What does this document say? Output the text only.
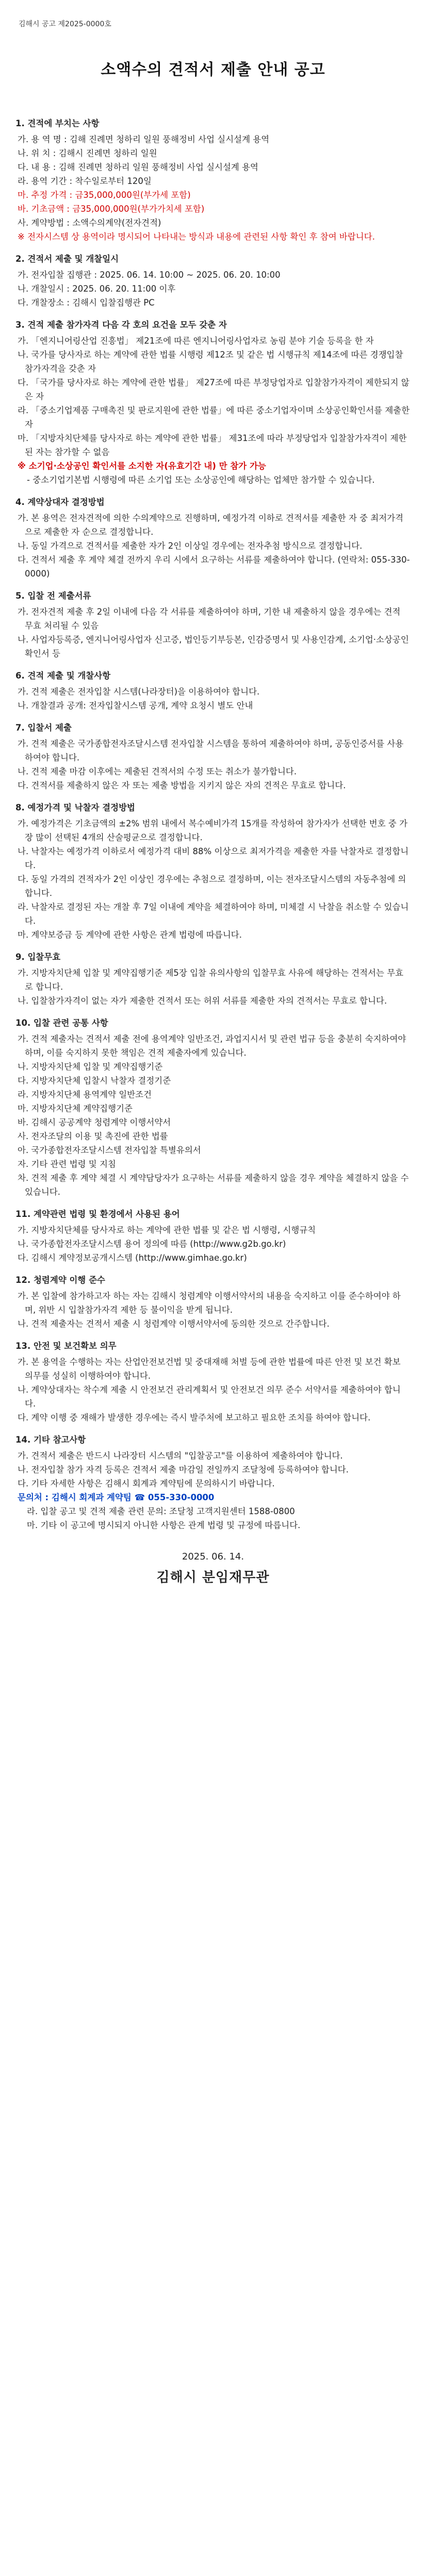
김해시 공고 제2025-0000호
소액수의 견적서 제출 안내 공고

1. 견적에 부치는 사항

가. 용 역 명 : 김해 진례면 청하리 일원 풍해정비 사업 실시설계 용역

나. 위 치 : 김해시 진례면 청하리 일원

다. 내 용 : 김해 진례면 청하리 일원 풍해정비 사업 실시설계 용역

라. 용역 기간 : 착수일로부터 120일

마. 추정 가격 : 금35,000,000원(부가세 포함)

바. 기초금액 : 금35,000,000원(부가가치세 포함)

사. 계약방법 : 소액수의계약(전자견적)

※ 전자시스템 상 용역이라 명시되어 나타내는 방식과 내용에 관련된 사항 확인 후 참여 바랍니다.

2. 견적서 제출 및 개찰일시

가. 전자입찰 집행관 : 2025. 06. 14. 10:00 ~ 2025. 06. 20. 10:00

나. 개찰일시 : 2025. 06. 20. 11:00 이후

다. 개찰장소 : 김해시 입찰집행관 PC

3. 견적 제출 참가자격 다음 각 호의 요건을 모두 갖춘 자

가. 「엔지니어링산업 진흥법」 제21조에 따른 엔지니어링사업자로 농림 분야 기술 등록을 한 자

나. 국가를 당사자로 하는 계약에 관한 법률 시행령 제12조 및 같은 법 시행규칙 제14조에 따른 경쟁입찰 참가자격을 갖춘 자

다. 「국가를 당사자로 하는 계약에 관한 법률」 제27조에 따른 부정당업자로 입찰참가자격이 제한되지 않은 자

라. 「중소기업제품 구매촉진 및 판로지원에 관한 법률」에 따른 중소기업자이며 소상공인확인서를 제출한 자

마. 「지방자치단체를 당사자로 하는 계약에 관한 법률」 제31조에 따라 부정당업자 입찰참가자격이 제한된 자는 참가할 수 없음

※ 소기업·소상공인 확인서를 소지한 자(유효기간 내) 만 참가 가능

- 중소기업기본법 시행령에 따른 소기업 또는 소상공인에 해당하는 업체만 참가할 수 있습니다.

4. 계약상대자 결정방법

가. 본 용역은 전자견적에 의한 수의계약으로 진행하며, 예정가격 이하로 견적서를 제출한 자 중 최저가격으로 제출한 자 순으로 결정합니다.

나. 동일 가격으로 견적서를 제출한 자가 2인 이상일 경우에는 전자추첨 방식으로 결정합니다.

다. 견적서 제출 후 계약 체결 전까지 우리 시에서 요구하는 서류를 제출하여야 합니다. (연락처: 055-330-0000)

5. 입찰 전 제출서류

가. 전자견적 제출 후 2일 이내에 다음 각 서류를 제출하여야 하며, 기한 내 제출하지 않을 경우에는 견적 무효 처리될 수 있음

나. 사업자등록증, 엔지니어링사업자 신고증, 법인등기부등본, 인감증명서 및 사용인감계, 소기업·소상공인 확인서 등

6. 견적 제출 및 개찰사항

가. 견적 제출은 전자입찰 시스템(나라장터)을 이용하여야 합니다.

나. 개찰결과 공개: 전자입찰시스템 공개, 계약 요청시 별도 안내

7. 입찰서 제출

가. 견적 제출은 국가종합전자조달시스템 전자입찰 시스템을 통하여 제출하여야 하며, 공동인증서를 사용하여야 합니다.

나. 견적 제출 마감 이후에는 제출된 견적서의 수정 또는 취소가 불가합니다.

다. 견적서를 제출하지 않은 자 또는 제출 방법을 지키지 않은 자의 견적은 무효로 합니다.

8. 예정가격 및 낙찰자 결정방법

가. 예정가격은 기초금액의 ±2% 범위 내에서 복수예비가격 15개를 작성하여 참가자가 선택한 번호 중 가장 많이 선택된 4개의 산술평균으로 결정합니다.

나. 낙찰자는 예정가격 이하로서 예정가격 대비 88% 이상으로 최저가격을 제출한 자를 낙찰자로 결정합니다.

다. 동일 가격의 견적자가 2인 이상인 경우에는 추첨으로 결정하며, 이는 전자조달시스템의 자동추첨에 의합니다.

라. 낙찰자로 결정된 자는 개찰 후 7일 이내에 계약을 체결하여야 하며, 미체결 시 낙찰을 취소할 수 있습니다.

마. 계약보증금 등 계약에 관한 사항은 관계 법령에 따릅니다.

9. 입찰무효

가. 지방자치단체 입찰 및 계약집행기준 제5장 입찰 유의사항의 입찰무효 사유에 해당하는 견적서는 무효로 합니다.

나. 입찰참가자격이 없는 자가 제출한 견적서 또는 허위 서류를 제출한 자의 견적서는 무효로 합니다.

10. 입찰 관련 공통 사항

가. 견적 제출자는 견적서 제출 전에 용역계약 일반조건, 과업지시서 및 관련 법규 등을 충분히 숙지하여야 하며, 이를 숙지하지 못한 책임은 견적 제출자에게 있습니다.

나. 지방자치단체 입찰 및 계약집행기준

다. 지방자치단체 입찰시 낙찰자 결정기준

라. 지방자치단체 용역계약 일반조건

마. 지방자치단체 계약집행기준

바. 김해시 공공계약 청렴계약 이행서약서

사. 전자조달의 이용 및 촉진에 관한 법률

아. 국가종합전자조달시스템 전자입찰 특별유의서

자. 기타 관련 법령 및 지침

차. 견적 제출 후 계약 체결 시 계약담당자가 요구하는 서류를 제출하지 않을 경우 계약을 체결하지 않을 수 있습니다.

11. 계약관련 법령 및 환경에서 사용된 용어

가. 지방자치단체를 당사자로 하는 계약에 관한 법률 및 같은 법 시행령, 시행규칙

나. 국가종합전자조달시스템 용어 정의에 따름 (http://www.g2b.go.kr)

다. 김해시 계약정보공개시스템 (http://www.gimhae.go.kr)

12. 청렴계약 이행 준수

가. 본 입찰에 참가하고자 하는 자는 김해시 청렴계약 이행서약서의 내용을 숙지하고 이를 준수하여야 하며, 위반 시 입찰참가자격 제한 등 불이익을 받게 됩니다.

나. 견적 제출자는 견적서 제출 시 청렴계약 이행서약서에 동의한 것으로 간주합니다.

13. 안전 및 보건확보 의무

가. 본 용역을 수행하는 자는 산업안전보건법 및 중대재해 처벌 등에 관한 법률에 따른 안전 및 보건 확보 의무를 성실히 이행하여야 합니다.

나. 계약상대자는 착수계 제출 시 안전보건 관리계획서 및 안전보건 의무 준수 서약서를 제출하여야 합니다.

다. 계약 이행 중 재해가 발생한 경우에는 즉시 발주처에 보고하고 필요한 조치를 하여야 합니다.

14. 기타 참고사항

가. 견적서 제출은 반드시 나라장터 시스템의 "입찰공고"를 이용하여 제출하여야 합니다.

나. 전자입찰 참가 자격 등록은 견적서 제출 마감일 전일까지 조달청에 등록하여야 합니다.

다. 기타 자세한 사항은 김해시 회계과 계약팀에 문의하시기 바랍니다.

문의처 : 김해시 회계과 계약팀 ☎ 055-330-0000

라. 입찰 공고 및 견적 제출 관련 문의: 조달청 고객지원센터 1588-0800

마. 기타 이 공고에 명시되지 아니한 사항은 관계 법령 및 규정에 따릅니다.

2025. 06. 14.
김해시 분임재무관
